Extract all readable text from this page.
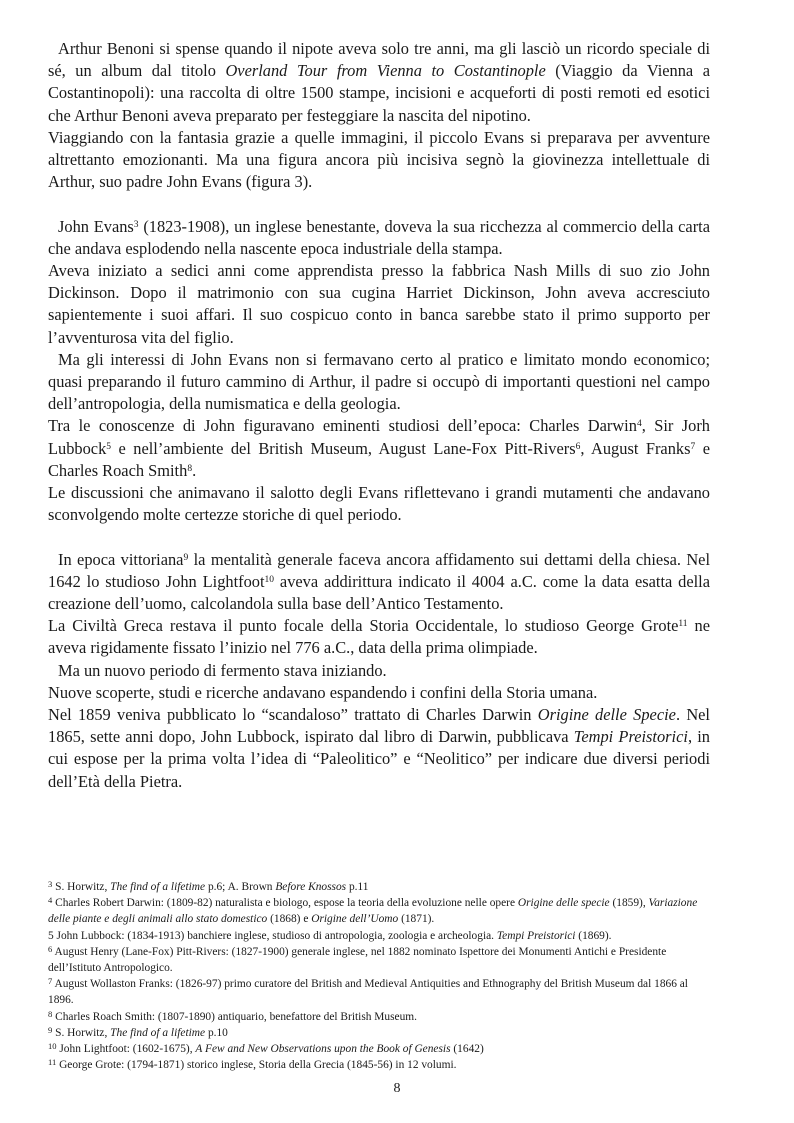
Arthur Benoni si spense quando il nipote aveva solo tre anni, ma gli lasciò un ricordo speciale di sé, un album dal titolo Overland Tour from Vienna to Costantinople (Viaggio da Vienna a Costantinopoli): una raccolta di oltre 1500 stampe, incisioni e acqueforti di posti remoti ed esotici che Arthur Benoni aveva preparato per festeggiare la nascita del nipotino.

Viaggiando con la fantasia grazie a quelle immagini, il piccolo Evans si preparava per avventure altrettanto emozionanti. Ma una figura ancora più incisiva segnò la giovinezza intellettuale di Arthur, suo padre John Evans (figura 3).

John Evans$^3$ (1823-1908), un inglese benestante, doveva la sua ricchezza al commercio della carta che andava esplodendo nella nascente epoca industriale della stampa.

Aveva iniziato a sedici anni come apprendista presso la fabbrica Nash Mills di suo zio John Dickinson. Dopo il matrimonio con sua cugina Harriet Dickinson, John aveva accresciuto sapientemente i suoi affari. Il suo cospicuo conto in banca sarebbe stato il primo supporto per l’avventurosa vita del figlio.

Ma gli interessi di John Evans non si fermavano certo al pratico e limitato mondo economico; quasi preparando il futuro cammino di Arthur, il padre si occupò di importanti questioni nel campo dell’antropologia, della numismatica e della geologia.

Tra le conoscenze di John figuravano eminenti studiosi dell’epoca: Charles Darwin$^4$, Sir Jorh Lubbock$^5$ e nell’ambiente del British Museum, August Lane-Fox Pitt-Rivers$^6$, August Franks$^7$ e Charles Roach Smith$^8$.

Le discussioni che animavano il salotto degli Evans riflettevano i grandi mutamenti che andavano sconvolgendo molte certezze storiche di quel periodo.

In epoca vittoriana$^9$ la mentalità generale faceva ancora affidamento sui dettami della chiesa. Nel 1642 lo studioso John Lightfoot$^{10}$ aveva addirittura indicato il 4004 a.C. come la data esatta della creazione dell’uomo, calcolandola sulla base dell’Antico Testamento.

La Civiltà Greca restava il punto focale della Storia Occidentale, lo studioso George Grote$^{11}$ ne aveva rigidamente fissato l’inizio nel 776 a.C., data della prima olimpiade.

Ma un nuovo periodo di fermento stava iniziando.

Nuove scoperte, studi e ricerche andavano espandendo i confini della Storia umana.

Nel 1859 veniva pubblicato lo “scandaloso” trattato di Charles Darwin Origine delle Specie. Nel 1865, sette anni dopo, John Lubbock, ispirato dal libro di Darwin, pubblicava Tempi Preistorici, in cui espose per la prima volta l’idea di “Paleolitico” e “Neolitico” per indicare due diversi periodi dell’Età della Pietra.

$^3$ S. Horwitz, The find of a lifetime p.6; A. Brown Before Knossos p.11

$^4$ Charles Robert Darwin: (1809-82) naturalista e biologo, espose la teoria della evoluzione nelle opere Origine delle specie (1859), Variazione delle piante e degli animali allo stato domestico (1868) e Origine dell’Uomo (1871).

5 John Lubbock: (1834-1913) banchiere inglese, studioso di antropologia, zoologia e archeologia. Tempi Preistorici (1869).

$^6$ August Henry (Lane-Fox) Pitt-Rivers: (1827-1900) generale inglese, nel 1882 nominato Ispettore dei Monumenti Antichi e Presidente dell’Istituto Antropologico.

$^7$ August Wollaston Franks: (1826-97) primo curatore del British and Medieval Antiquities and Ethnography del British Museum dal 1866 al 1896.

$^8$ Charles Roach Smith: (1807-1890) antiquario, benefattore del British Museum.

$^9$ S. Horwitz, The find of a lifetime p.10

$^{10}$ John Lightfoot: (1602-1675), A Few and New Observations upon the Book of Genesis (1642)

$^{11}$ George Grote: (1794-1871) storico inglese, Storia della Grecia (1845-56) in 12 volumi.

8
